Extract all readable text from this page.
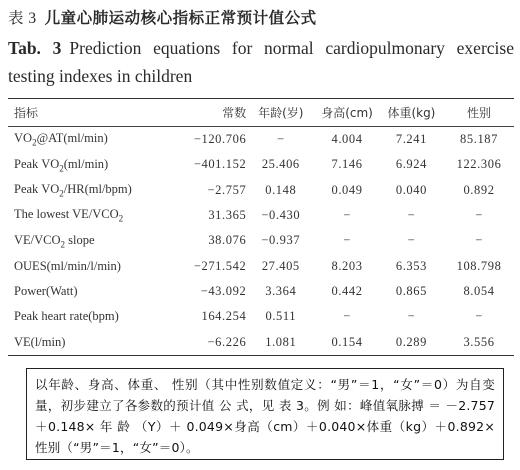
表 3 儿童心肺运动核心指标正常预计值公式
Tab. 3 Prediction equations for normal cardiopulmonary exercise testing indexes in children
指标	常数	年龄(岁)	身高(cm)	体重(kg)	性别
$VO_2@AT(ml/\min)$	−120.706	−	4.004	7.241	85.187
Peak $VO_2(ml/\min)$	−401.152	25.406	7.146	6.924	122.306
Peak $VO_2/HR(ml/bpm)$	−2.757	0.148	0.049	0.040	0.892
The lowest $VE/VCO_2$	31.365	−0.430	−	−	−
$VE/VCO_2$ slope	38.076	−0.937	−	−	−
OUES(ml/min/l/min)	−271.542	27.405	8.203	6.353	108.798
Power(Watt)	−43.092	3.364	0.442	0.865	8.054
Peak heart rate(bpm)	164.254	0.511	−	−	−
VE(l/min)	−6.226	1.081	0.154	0.289	3.556
以年龄、身高、体重、 性别（其中性别数值定义：“男”＝1，“女”＝0）为自变量，初步建立了各参数的预计值 公 式，见 表 3。例 如：峰值氧脉搏 ＝ －2.757＋0.148× 年 龄 （Y）＋ 0.049×身高（cm）＋0.040×体重（kg）＋0.892×性别（“男”＝1，“女”＝0）。
